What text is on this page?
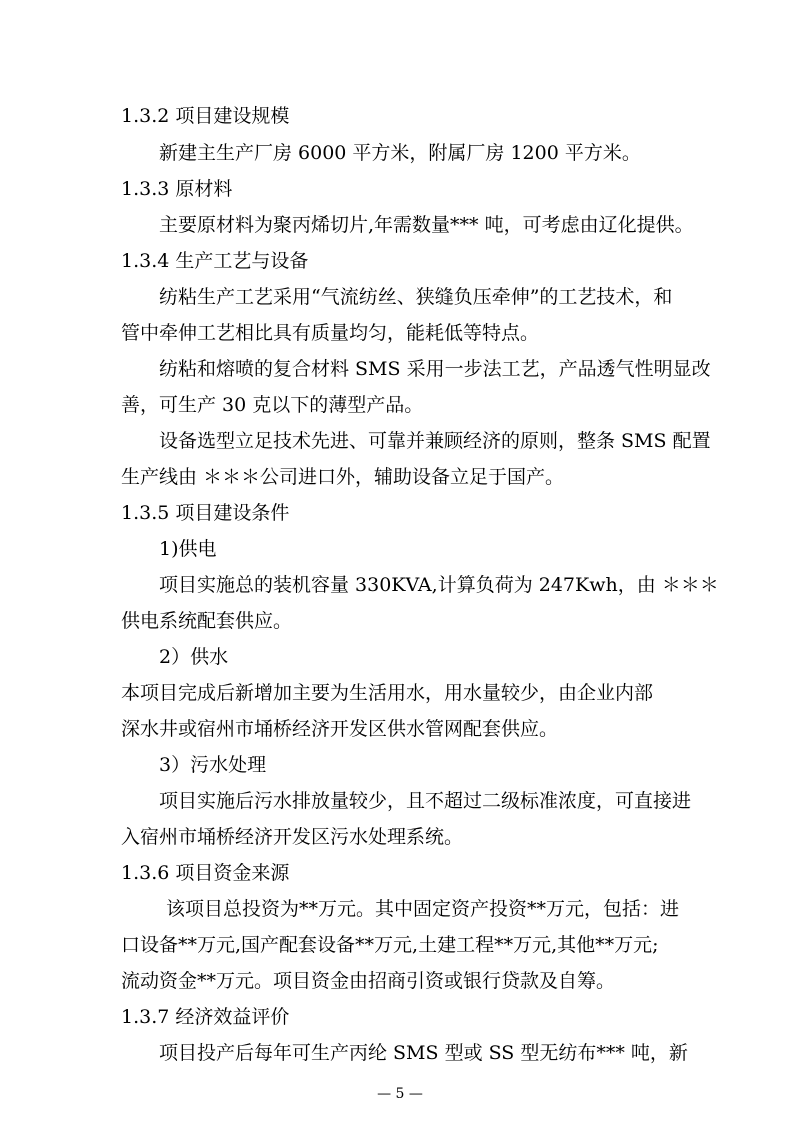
1.3.2 项目建设规模
新建主生产厂房 6000 平方米，附属厂房 1200 平方米。
1.3.3 原材料
主要原材料为聚丙烯切片,年需数量*** 吨，可考虑由辽化提供。
1.3.4 生产工艺与设备
纺粘生产工艺采用“气流纺丝、狭缝负压牵伸”的工艺技术，和
管中牵伸工艺相比具有质量均匀，能耗低等特点。
纺粘和熔喷的复合材料 SMS 采用一步法工艺，产品透气性明显改
善，可生产 30 克以下的薄型产品。
设备选型立足技术先进、可靠并兼顾经济的原则，整条 SMS 配置
生产线由 ＊＊＊公司进口外，辅助设备立足于国产。
1.3.5 项目建设条件
1)供电
项目实施总的装机容量 330KVA,计算负荷为 247Kwh，由 ＊＊＊
供电系统配套供应。
2）供水
本项目完成后新增加主要为生活用水，用水量较少，由企业内部
深水井或宿州市埇桥经济开发区供水管网配套供应。
3）污水处理
项目实施后污水排放量较少，且不超过二级标准浓度，可直接进
入宿州市埇桥经济开发区污水处理系统。
1.3.6 项目资金来源
该项目总投资为**万元。其中固定资产投资**万元，包括：进
口设备**万元,国产配套设备**万元,土建工程**万元,其他**万元;
流动资金**万元。项目资金由招商引资或银行贷款及自筹。
1.3.7 经济效益评价
项目投产后每年可生产丙纶 SMS 型或 SS 型无纺布*** 吨，新
— 5 —
